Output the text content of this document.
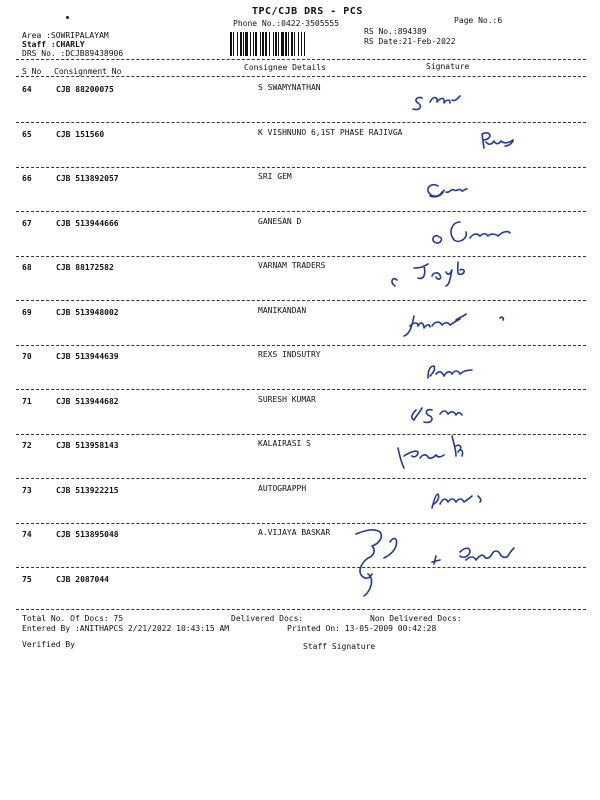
TPC/CJB DRS - PCS
Phone No.:0422-3505555	Page No.:6
RS No.:894389
RS Date:21-Feb-2022
Area :SOWRIPALAYAM
Staff :CHARLY
DRS No. :DCJB89438906
S No Consignment No	Consignee Details	Signature
64	CJB 88200075	S SWAMYNATHAN
65	CJB 151560	K VISHNUNO 6,1ST PHASE RAJIVGA
66	CJB 513892057	SRI GEM
67	CJB 513944666	GANESAN D
68	CJB 88172582	VARNAM TRADERS
69	CJB 513948002	MANIKANDAN
70	CJB 513944639	REXS INDSUTRY
71	CJB 513944682	SURESH KUMAR
72	CJB 513958143	KALAIRASI S
73	CJB 513922215	AUTOGRAPPH
74	CJB 513895048	A.VIJAYA BASKAR
75	CJB 2087044
Total No. Of Docs: 75	Delivered Docs:	Non Delivered Docs:
Entered By :ANITHAPCS 2/21/2022 10:43:15 AM	Printed On: 13-05-2009 00:42:28
Verified By	Staff Signature
